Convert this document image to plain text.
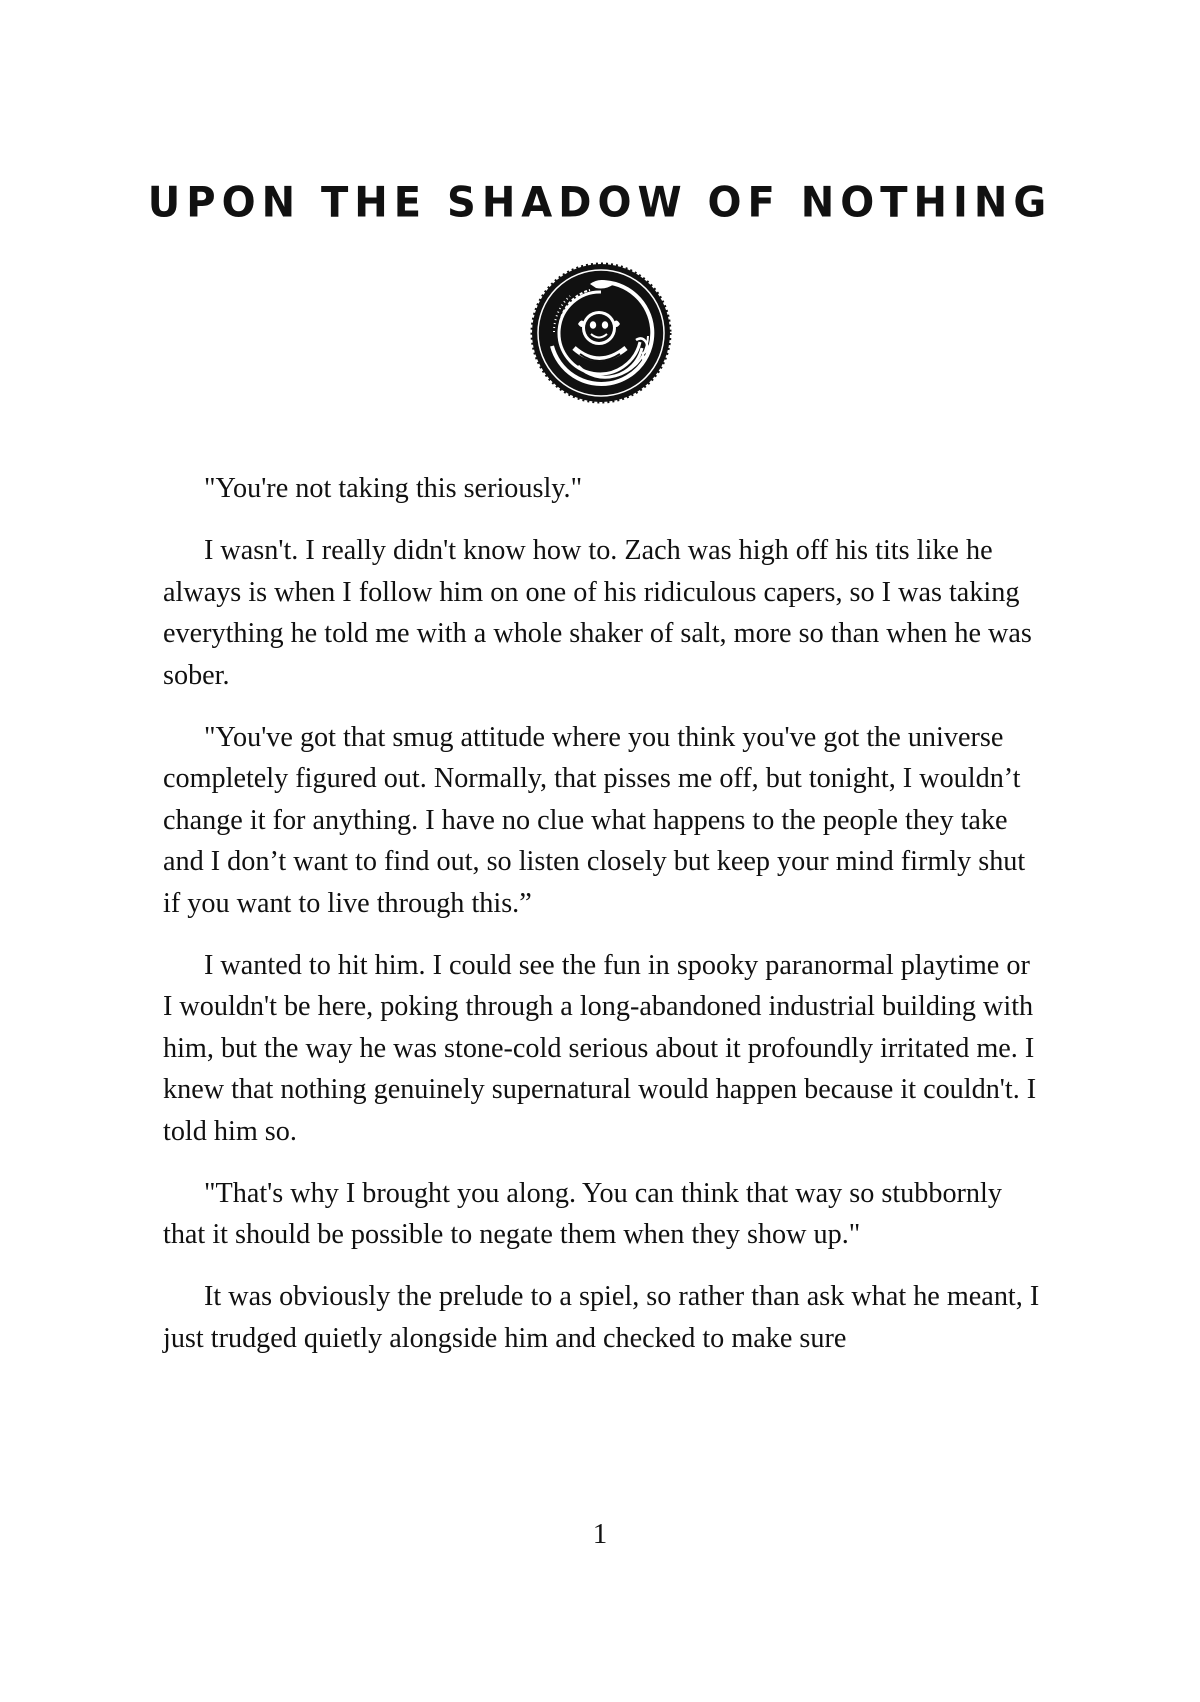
UPON THE SHADOW OF NOTHING

"You're not taking this seriously."

I wasn't. I really didn't know how to. Zach was high off his tits like he always is when I follow him on one of his ridiculous capers, so I was taking everything he told me with a whole shaker of salt, more so than when he was sober.

"You've got that smug attitude where you think you've got the universe completely figured out. Normally, that pisses me off, but tonight, I wouldn’t change it for anything. I have no clue what happens to the people they take and I don’t want to find out, so listen closely but keep your mind firmly shut if you want to live through this.”

I wanted to hit him. I could see the fun in spooky paranormal playtime or I wouldn't be here, poking through a long-abandoned industrial building with him, but the way he was stone-cold serious about it profoundly irritated me. I knew that nothing genuinely supernatural would happen because it couldn't. I told him so.

"That's why I brought you along. You can think that way so stubbornly that it should be possible to negate them when they show up."

It was obviously the prelude to a spiel, so rather than ask what he meant, I just trudged quietly alongside him and checked to make sure

1
